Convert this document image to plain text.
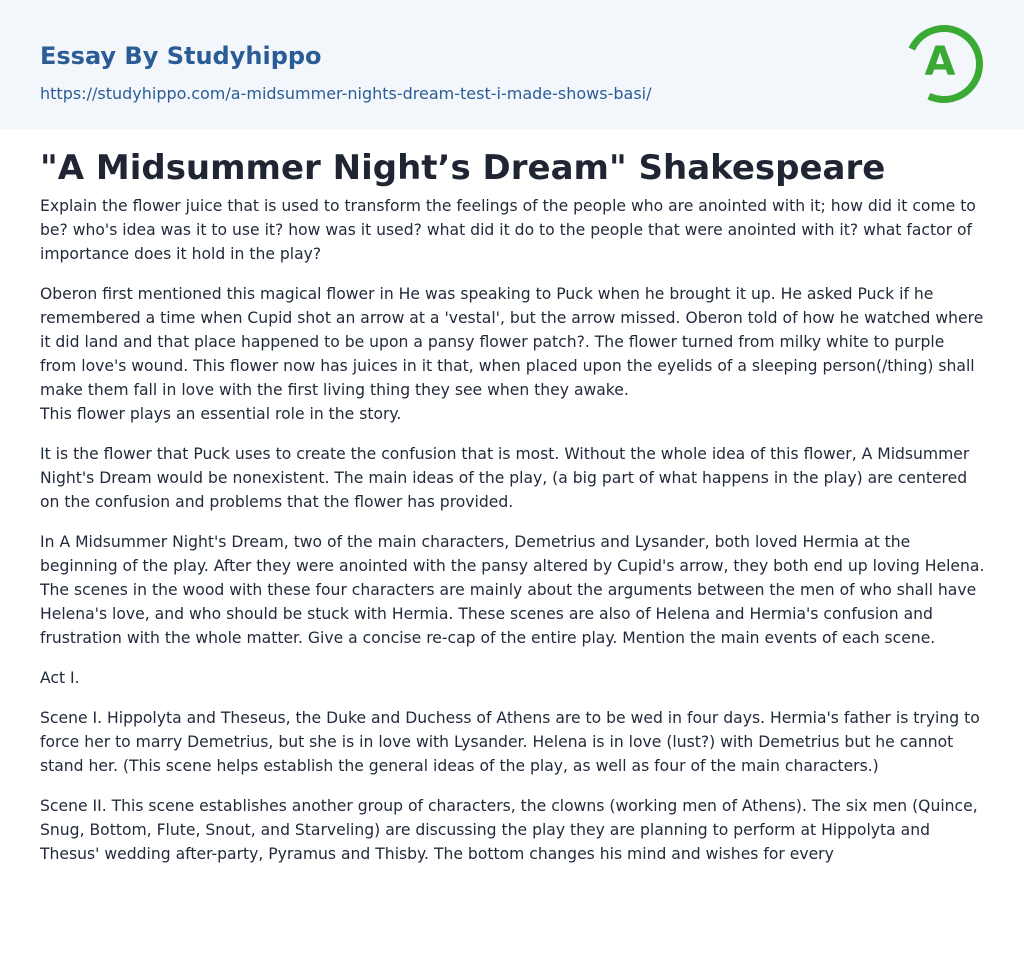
Essay By Studyhippo
https://studyhippo.com/a-midsummer-nights-dream-test-i-made-shows-basi/
A
"A Midsummer Night’s Dream" Shakespeare

Explain the flower juice that is used to transform the feelings of the people who are anointed with it; how did it come to be? who's idea was it to use it? how was it used? what did it do to the people that were anointed with it? what factor of importance does it hold in the play?

Oberon first mentioned this magical flower in He was speaking to Puck when he brought it up. He asked Puck if he remembered a time when Cupid shot an arrow at a 'vestal', but the arrow missed. Oberon told of how he watched where it did land and that place happened to be upon a pansy flower patch?. The flower turned from milky white to purple from love's wound. This flower now has juices in it that, when placed upon the eyelids of a sleeping person(/thing) shall make them fall in love with the first living thing they see when they awake.
This flower plays an essential role in the story.

It is the flower that Puck uses to create the confusion that is most. Without the whole idea of this flower, A Midsummer Night's Dream would be nonexistent. The main ideas of the play, (a big part of what happens in the play) are centered on the confusion and problems that the flower has provided.

In A Midsummer Night's Dream, two of the main characters, Demetrius and Lysander, both loved Hermia at the beginning of the play. After they were anointed with the pansy altered by Cupid's arrow, they both end up loving Helena. The scenes in the wood with these four characters are mainly about the arguments between the men of who shall have Helena's love, and who should be stuck with Hermia. These scenes are also of Helena and Hermia's confusion and frustration with the whole matter. Give a concise re-cap of the entire play. Mention the main events of each scene.

Act I.

Scene I. Hippolyta and Theseus, the Duke and Duchess of Athens are to be wed in four days. Hermia's father is trying to force her to marry Demetrius, but she is in love with Lysander. Helena is in love (lust?) with Demetrius but he cannot stand her. (This scene helps establish the general ideas of the play, as well as four of the main characters.)

Scene II. This scene establishes another group of characters, the clowns (working men of Athens). The six men (Quince, Snug, Bottom, Flute, Snout, and Starveling) are discussing the play they are planning to perform at Hippolyta and Thesus' wedding after-party, Pyramus and Thisby. The bottom changes his mind and wishes for every
